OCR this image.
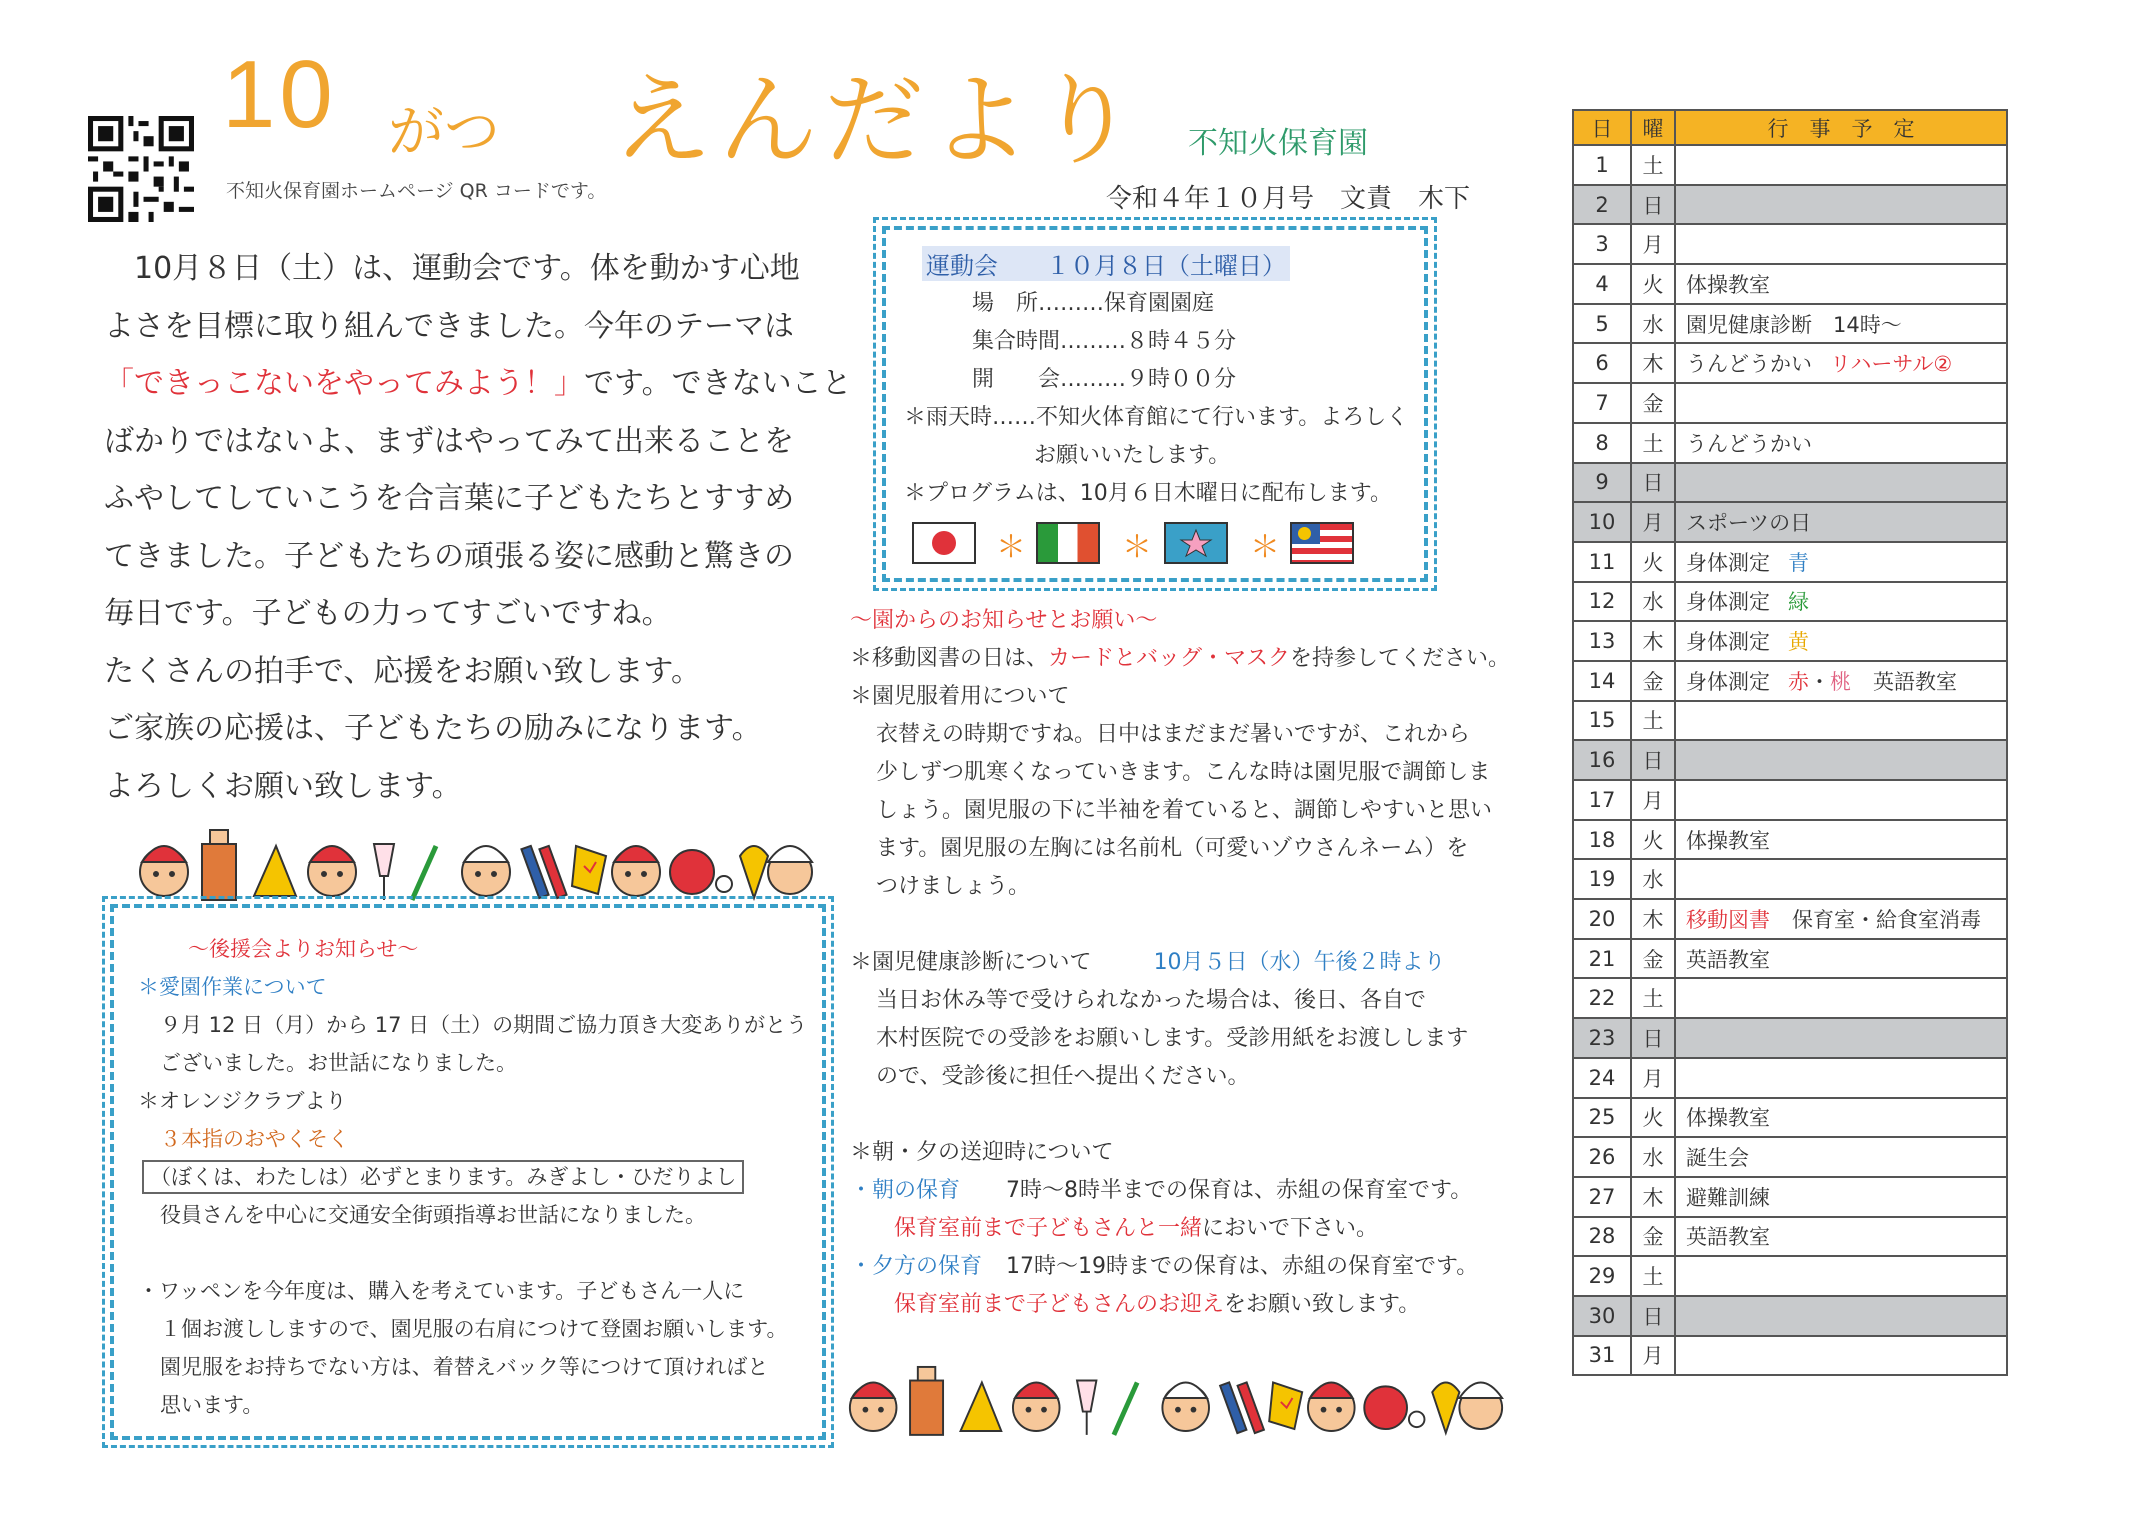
10 がつ えんだより 不知火保育園
令和４年１０月号　文責　木下
不知火保育園ホームページ QR コードです。

10月８日（土）は、運動会です。体を動かす心地

よさを目標に取り組んできました。今年のテーマは

「できっこないをやってみよう！」です。できないこと

ばかりではないよ、まずはやってみて出来ることを

ふやしてしていこうを合言葉に子どもたちとすすめ

てきました。子どもたちの頑張る姿に感動と驚きの

毎日です。子どもの力ってすごいですね。

たくさんの拍手で、応援をお願い致します。

ご家族の応援は、子どもたちの励みになります。

よろしくお願い致します。

運動会　　１０月８日（土曜日）
場　所………保育園園庭
集合時間………８時４５分
開　　会………９時００分
＊雨天時……不知火体育館にて行います。よろしく
お願いいたします。
＊プログラムは、10月６日木曜日に配布します。
＊	＊	＊

～園からのお知らせとお願い～

＊移動図書の日は、カードとバッグ・マスクを持参してください。

＊園児服着用について

衣替えの時期ですね。日中はまだまだ暑いですが、これから

少しずつ肌寒くなっていきます。こんな時は園児服で調節しま

しょう。園児服の下に半袖を着ていると、調節しやすいと思い

ます。園児服の左胸には名前札（可愛いゾウさんネーム）を

つけましょう。

＊園児健康診断について	10月５日（水）午後２時より

当日お休み等で受けられなかった場合は、後日、各自で

木村医院での受診をお願いします。受診用紙をお渡しします

ので、受診後に担任へ提出ください。

＊朝・夕の送迎時について

・朝の保育 7時～8時半までの保育は、赤組の保育室です。

保育室前まで子どもさんと一緒においで下さい。

・夕方の保育 17時～19時までの保育は、赤組の保育室です。

保育室前まで子どもさんのお迎えをお願い致します。

～後援会よりお知らせ～

＊愛園作業について

９月 12 日（月）から 17 日（土）の期間ご協力頂き大変ありがとう

ございました。お世話になりました。

＊オレンジクラブより

３本指のおやくそく

（ぼくは、わたしは）必ずとまります。みぎよし・ひだりよし

役員さんを中心に交通安全街頭指導お世話になりました。

・ワッペンを今年度は、購入を考えています。子どもさん一人に

１個お渡ししますので、園児服の右肩につけて登園お願いします。

園児服をお持ちでない方は、着替えバック等につけて頂ければと

思います。

日	曜	行　事　予　定
1	土	
2	日	
3	月	
4	火	体操教室
5	水	園児健康診断　14時～
6	木	うんどうかい リハーサル②
7	金	
8	土	うんどうかい
9	日	
10	月	スポーツの日
11	火	身体測定 青
12	水	身体測定 緑
13	木	身体測定 黄
14	金	身体測定 赤・桃 英語教室
15	土	
16	日	
17	月	
18	火	体操教室
19	水	
20	木	移動図書 保育室・給食室消毒
21	金	英語教室
22	土	
23	日	
24	月	
25	火	体操教室
26	水	誕生会
27	木	避難訓練
28	金	英語教室
29	土	
30	日	
31	月	
